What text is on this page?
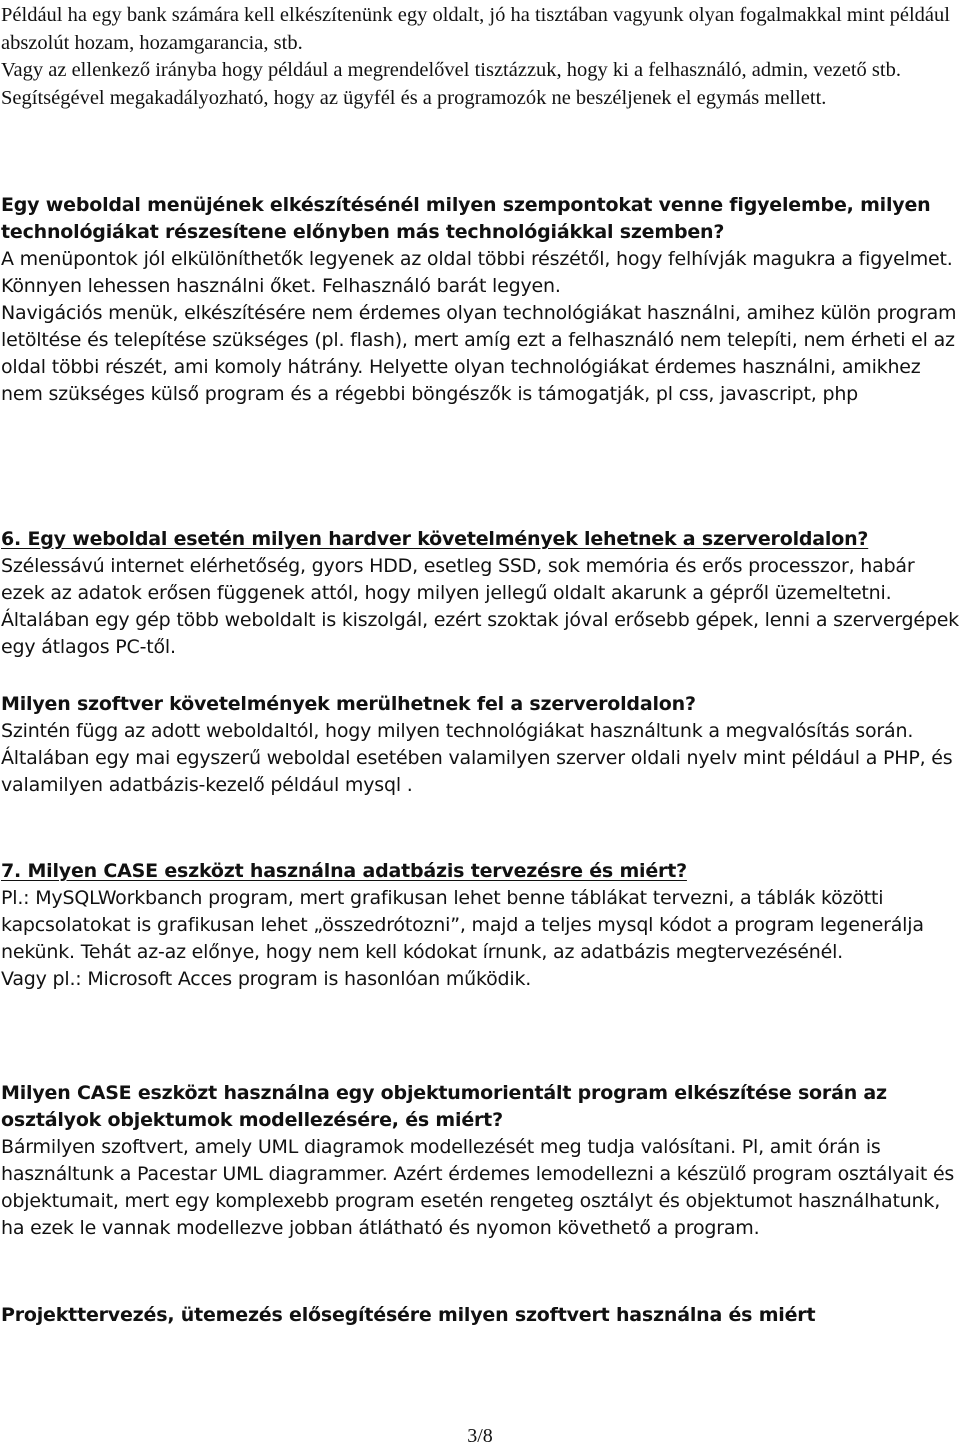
Például ha egy bank számára kell elkészítenünk egy oldalt, jó ha tisztában vagyunk olyan fogalmakkal mint például abszolút hozam, hozamgarancia, stb.

Vagy az ellenkező irányba hogy például a megrendelővel tisztázzuk, hogy ki a felhasználó, admin, vezető stb.

Segítségével megakadályozható, hogy az ügyfél és a programozók ne beszéljenek el egymás mellett.

Egy weboldal menüjének elkészítésénél milyen szempontokat venne figyelembe, milyen technológiákat részesítene előnyben más technológiákkal szemben?

A menüpontok jól elkülöníthetők legyenek az oldal többi részétől, hogy felhívják magukra a figyelmet. Könnyen lehessen használni őket. Felhasználó barát legyen.

Navigációs menük, elkészítésére nem érdemes olyan technológiákat használni, amihez külön program letöltése és telepítése szükséges (pl. flash), mert amíg ezt a felhasználó nem telepíti, nem érheti el az oldal többi részét, ami komoly hátrány. Helyette olyan technológiákat érdemes használni, amikhez nem szükséges külső program és a régebbi böngészők is támogatják, pl css, javascript, php

6. Egy weboldal esetén milyen hardver követelmények lehetnek a szerveroldalon?

Szélessávú internet elérhetőség, gyors HDD, esetleg SSD, sok memória és erős processzor, habár ezek az adatok erősen függenek attól, hogy milyen jellegű oldalt akarunk a gépről üzemeltetni. Általában egy gép több weboldalt is kiszolgál, ezért szoktak jóval erősebb gépek, lenni a szervergépek egy átlagos PC-től.

Milyen szoftver követelmények merülhetnek fel a szerveroldalon?

Szintén függ az adott weboldaltól, hogy milyen technológiákat használtunk a megvalósítás során. Általában egy mai egyszerű weboldal esetében valamilyen szerver oldali nyelv mint például a PHP, és valamilyen adatbázis-kezelő például mysql .

7. Milyen CASE eszközt használna adatbázis tervezésre és miért?

Pl.: MySQLWorkbanch program, mert grafikusan lehet benne táblákat tervezni, a táblák közötti kapcsolatokat is grafikusan lehet „összedrótozni”, majd a teljes mysql kódot a program legenerálja nekünk. Tehát az-az előnye, hogy nem kell kódokat írnunk, az adatbázis megtervezésénél.

Vagy pl.: Microsoft Acces program is hasonlóan működik.

Milyen CASE eszközt használna egy objektumorientált program elkészítése során az osztályok objektumok modellezésére, és miért?

Bármilyen szoftvert, amely UML diagramok modellezését meg tudja valósítani. Pl, amit órán is használtunk a Pacestar UML diagrammer. Azért érdemes lemodellezni a készülő program osztályait és objektumait, mert egy komplexebb program esetén rengeteg osztályt és objektumot használhatunk, ha ezek le vannak modellezve jobban átlátható és nyomon követhető a program.

Projekttervezés, ütemezés elősegítésére milyen szoftvert használna és miért

3/8
